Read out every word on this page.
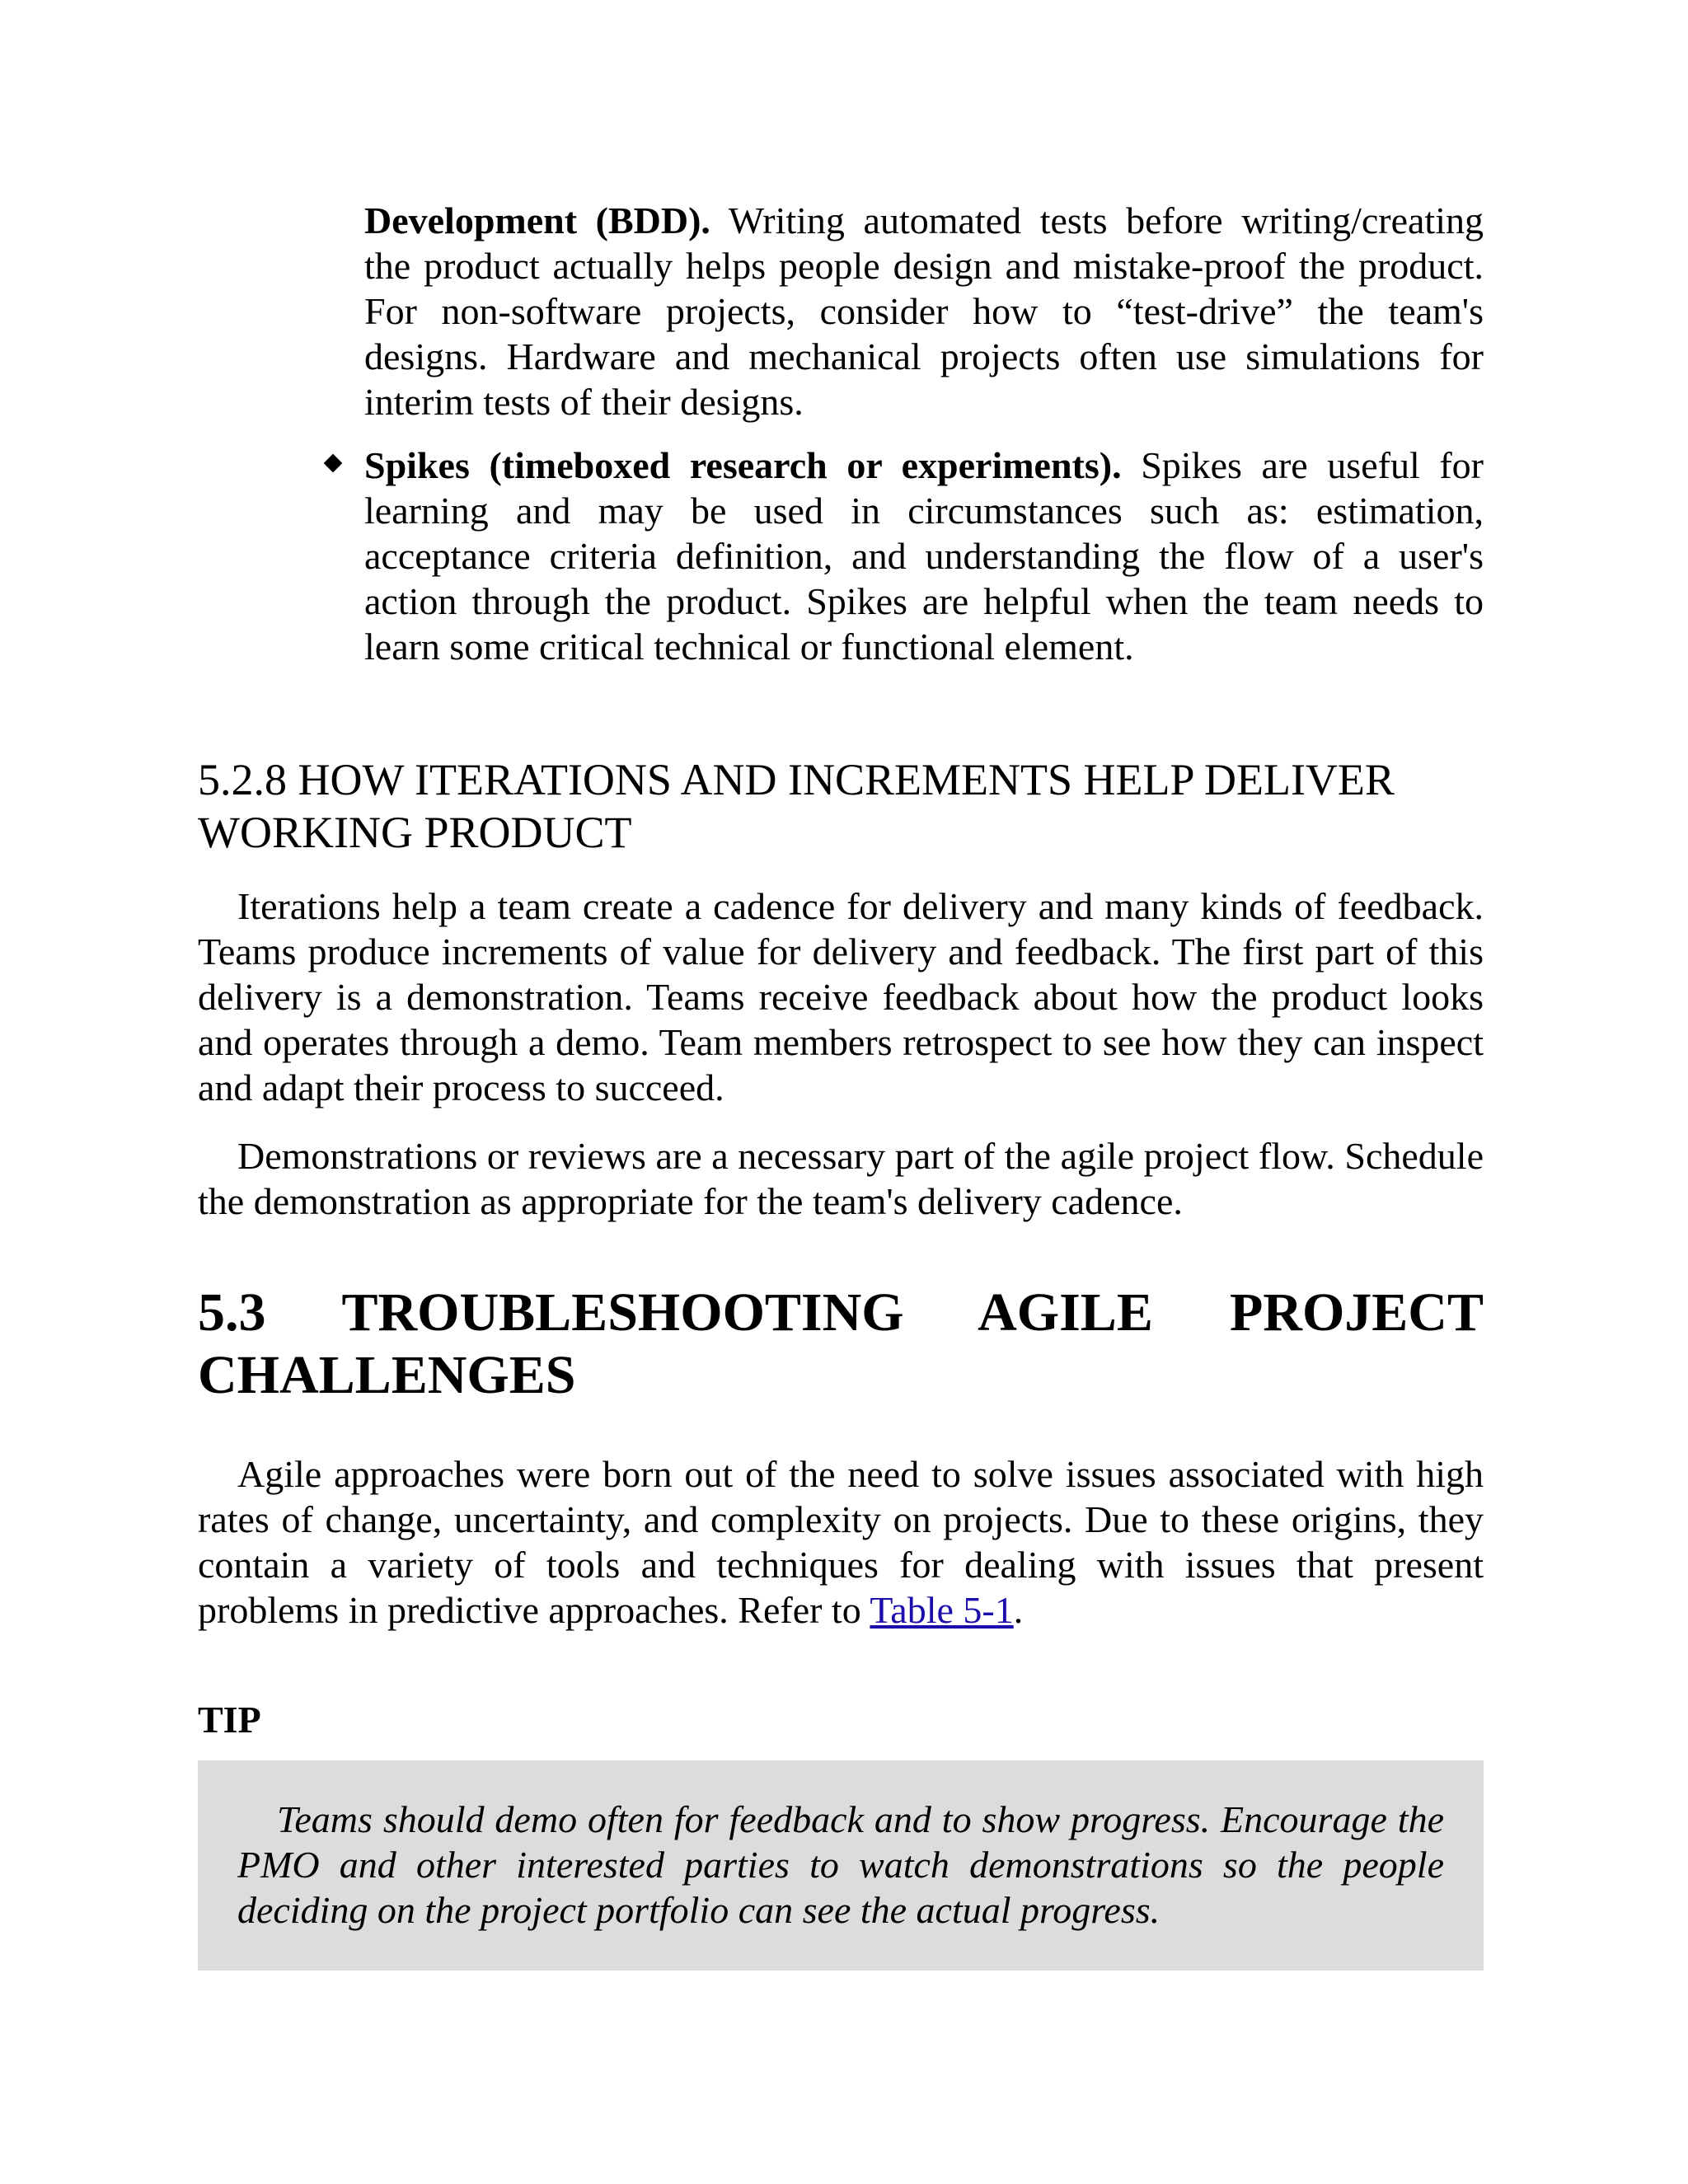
Development (BDD). Writing automated tests before writing/creating the product actually helps people design and mistake-proof the product. For non-software projects, consider how to “test-drive” the team's designs. Hardware and mechanical projects often use simulations for interim tests of their designs.

Spikes (timeboxed research or experiments). Spikes are useful for learning and may be used in circumstances such as: estimation, acceptance criteria definition, and understanding the flow of a user's action through the product. Spikes are helpful when the team needs to learn some critical technical or functional element.

5.2.8 HOW ITERATIONS AND INCREMENTS HELP DELIVER WORKING PRODUCT

Iterations help a team create a cadence for delivery and many kinds of feedback. Teams produce increments of value for delivery and feedback. The first part of this delivery is a demonstration. Teams receive feedback about how the product looks and operates through a demo. Team members retrospect to see how they can inspect and adapt their process to succeed.

Demonstrations or reviews are a necessary part of the agile project flow. Schedule the demonstration as appropriate for the team's delivery cadence.

5.3 TROUBLESHOOTING AGILE PROJECT CHALLENGES

Agile approaches were born out of the need to solve issues associated with high rates of change, uncertainty, and complexity on projects. Due to these origins, they contain a variety of tools and techniques for dealing with issues that present problems in predictive approaches. Refer to Table 5-1.

TIP

Teams should demo often for feedback and to show progress. Encourage the PMO and other interested parties to watch demonstrations so the people deciding on the project portfolio can see the actual progress.
